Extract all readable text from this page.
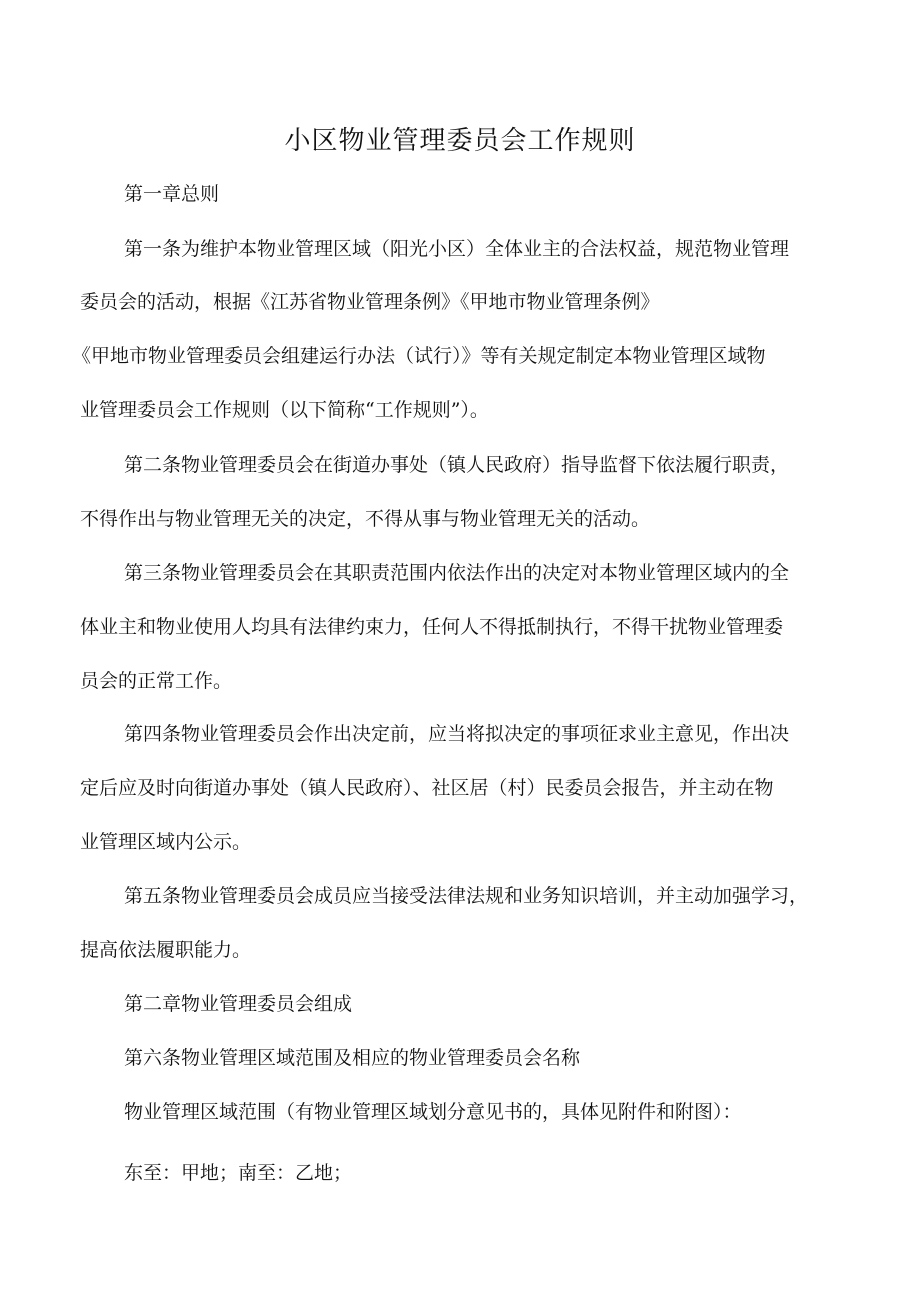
小区物业管理委员会工作规则

第一章总则

第一条为维护本物业管理区域（阳光小区）全体业主的合法权益，规范物业管理

委员会的活动，根据《江苏省物业管理条例》《甲地市物业管理条例》

《甲地市物业管理委员会组建运行办法（试行）》等有关规定制定本物业管理区域物

业管理委员会工作规则（以下简称“工作规则”）。

第二条物业管理委员会在街道办事处（镇人民政府）指导监督下依法履行职责，

不得作出与物业管理无关的决定，不得从事与物业管理无关的活动。

第三条物业管理委员会在其职责范围内依法作出的决定对本物业管理区域内的全

体业主和物业使用人均具有法律约束力，任何人不得抵制执行，不得干扰物业管理委

员会的正常工作。

第四条物业管理委员会作出决定前，应当将拟决定的事项征求业主意见，作出决

定后应及时向街道办事处（镇人民政府）、社区居（村）民委员会报告，并主动在物

业管理区域内公示。

第五条物业管理委员会成员应当接受法律法规和业务知识培训，并主动加强学习，

提高依法履职能力。

第二章物业管理委员会组成

第六条物业管理区域范围及相应的物业管理委员会名称

物业管理区域范围（有物业管理区域划分意见书的，具体见附件和附图）：

东至：甲地；南至：乙地；
